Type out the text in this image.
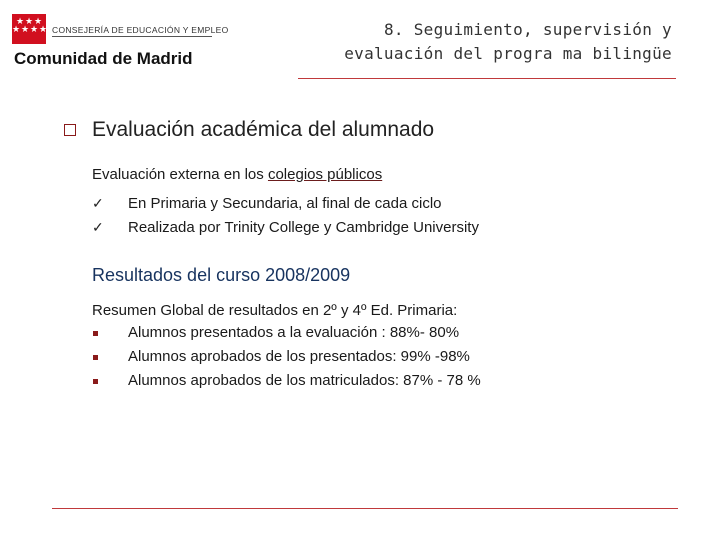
★ ★ ★
★ ★ ★ ★ CONSEJERÍA DE EDUCACIÓN Y EMPLEO
Comunidad de Madrid
8. Seguimiento, supervisión y
evaluación del progra ma bilingüe
Evaluación académica del alumnado
Evaluación externa en los colegios públicos
✓ En Primaria y Secundaria, al final de cada ciclo
✓ Realizada por Trinity College y Cambridge University
Resultados del curso 2008/2009
Resumen Global de resultados en 2º y 4º Ed. Primaria:
Alumnos presentados a la evaluación : 88%- 80%
Alumnos aprobados de los presentados: 99% -98%
Alumnos aprobados de los matriculados: 87% - 78 %
